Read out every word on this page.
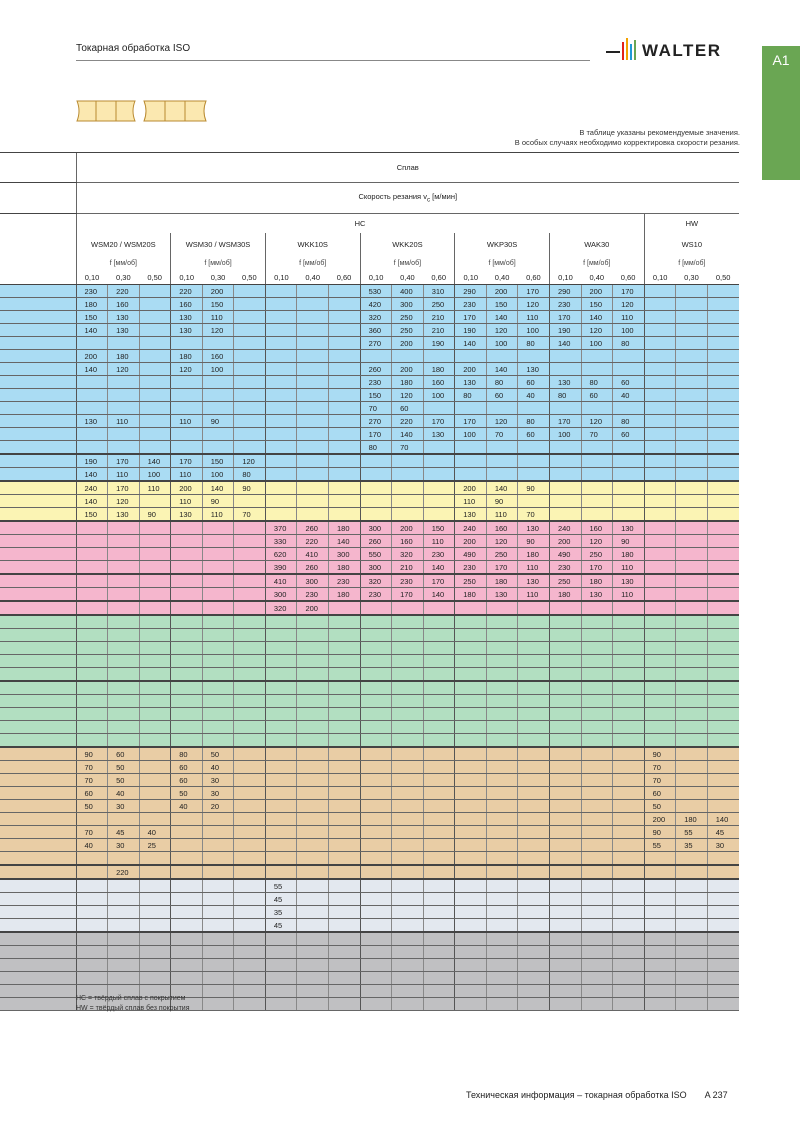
Токарная обработка ISO	WALTER	A1
В таблице указаны рекомендуемые значения.
В особых случаях необходимо корректировка скорости резания.
	Сплав																				
	Скорость резания $v_c$ [м/мин]																				
	HC																		HW		
	WSM20 / WSM20S			WSM30 / WSM30S			WKK10S			WKK20S			WKP30S			WAK30			WS10		
	f [мм/об]			f [мм/об]			f [мм/об]			f [мм/об]			f [мм/об]			f [мм/об]			f [мм/об]		
	0,10	0,30	0,50	0,10	0,30	0,50	0,10	0,40	0,60	0,10	0,40	0,60	0,10	0,40	0,60	0,10	0,40	0,60	0,10	0,30	0,50
	230	220		220	200					530	400	310	290	200	170	290	200	170			
	180	160		160	150					420	300	250	230	150	120	230	150	120			
	150	130		130	110					320	250	210	170	140	110	170	140	110			
	140	130		130	120					360	250	210	190	120	100	190	120	100			
										270	200	190	140	100	80	140	100	80			
	200	180		180	160																
	140	120		120	100					260	200	180	200	140	130						
										230	180	160	130	80	60	130	80	60			
										150	120	100	80	60	40	80	60	40			
										70	60										
	130	110		110	90					270	220	170	170	120	80	170	120	80			
										170	140	130	100	70	60	100	70	60			
										80	70										
	190	170	140	170	150	120															
	140	110	100	110	100	80															
	240	170	110	200	140	90							200	140	90						
	140	120		110	90								110	90							
	150	130	90	130	110	70							130	110	70						
							370	260	180	300	200	150	240	160	130	240	160	130			
							330	220	140	260	160	110	200	120	90	200	120	90			
							620	410	300	550	320	230	490	250	180	490	250	180			
							390	260	180	300	210	140	230	170	110	230	170	110			
							410	300	230	320	230	170	250	180	130	250	180	130			
							300	230	180	230	170	140	180	130	110	180	130	110			
							320	200													

	90	60		80	50														90		
	70	50		60	40														70		
	70	50		60	30														70		
	60	40		50	30														60		
	50	30		40	20														50		
																			200	180	140
	70	45	40																90	55	45
	40	30	25																55	35	30

		220																			
							55														
							45														
							35														
							45														

HC = твёрдый сплав с покрытием
HW = твёрдый сплав без покрытия
Техническая информация – токарная обработка ISO A 237
